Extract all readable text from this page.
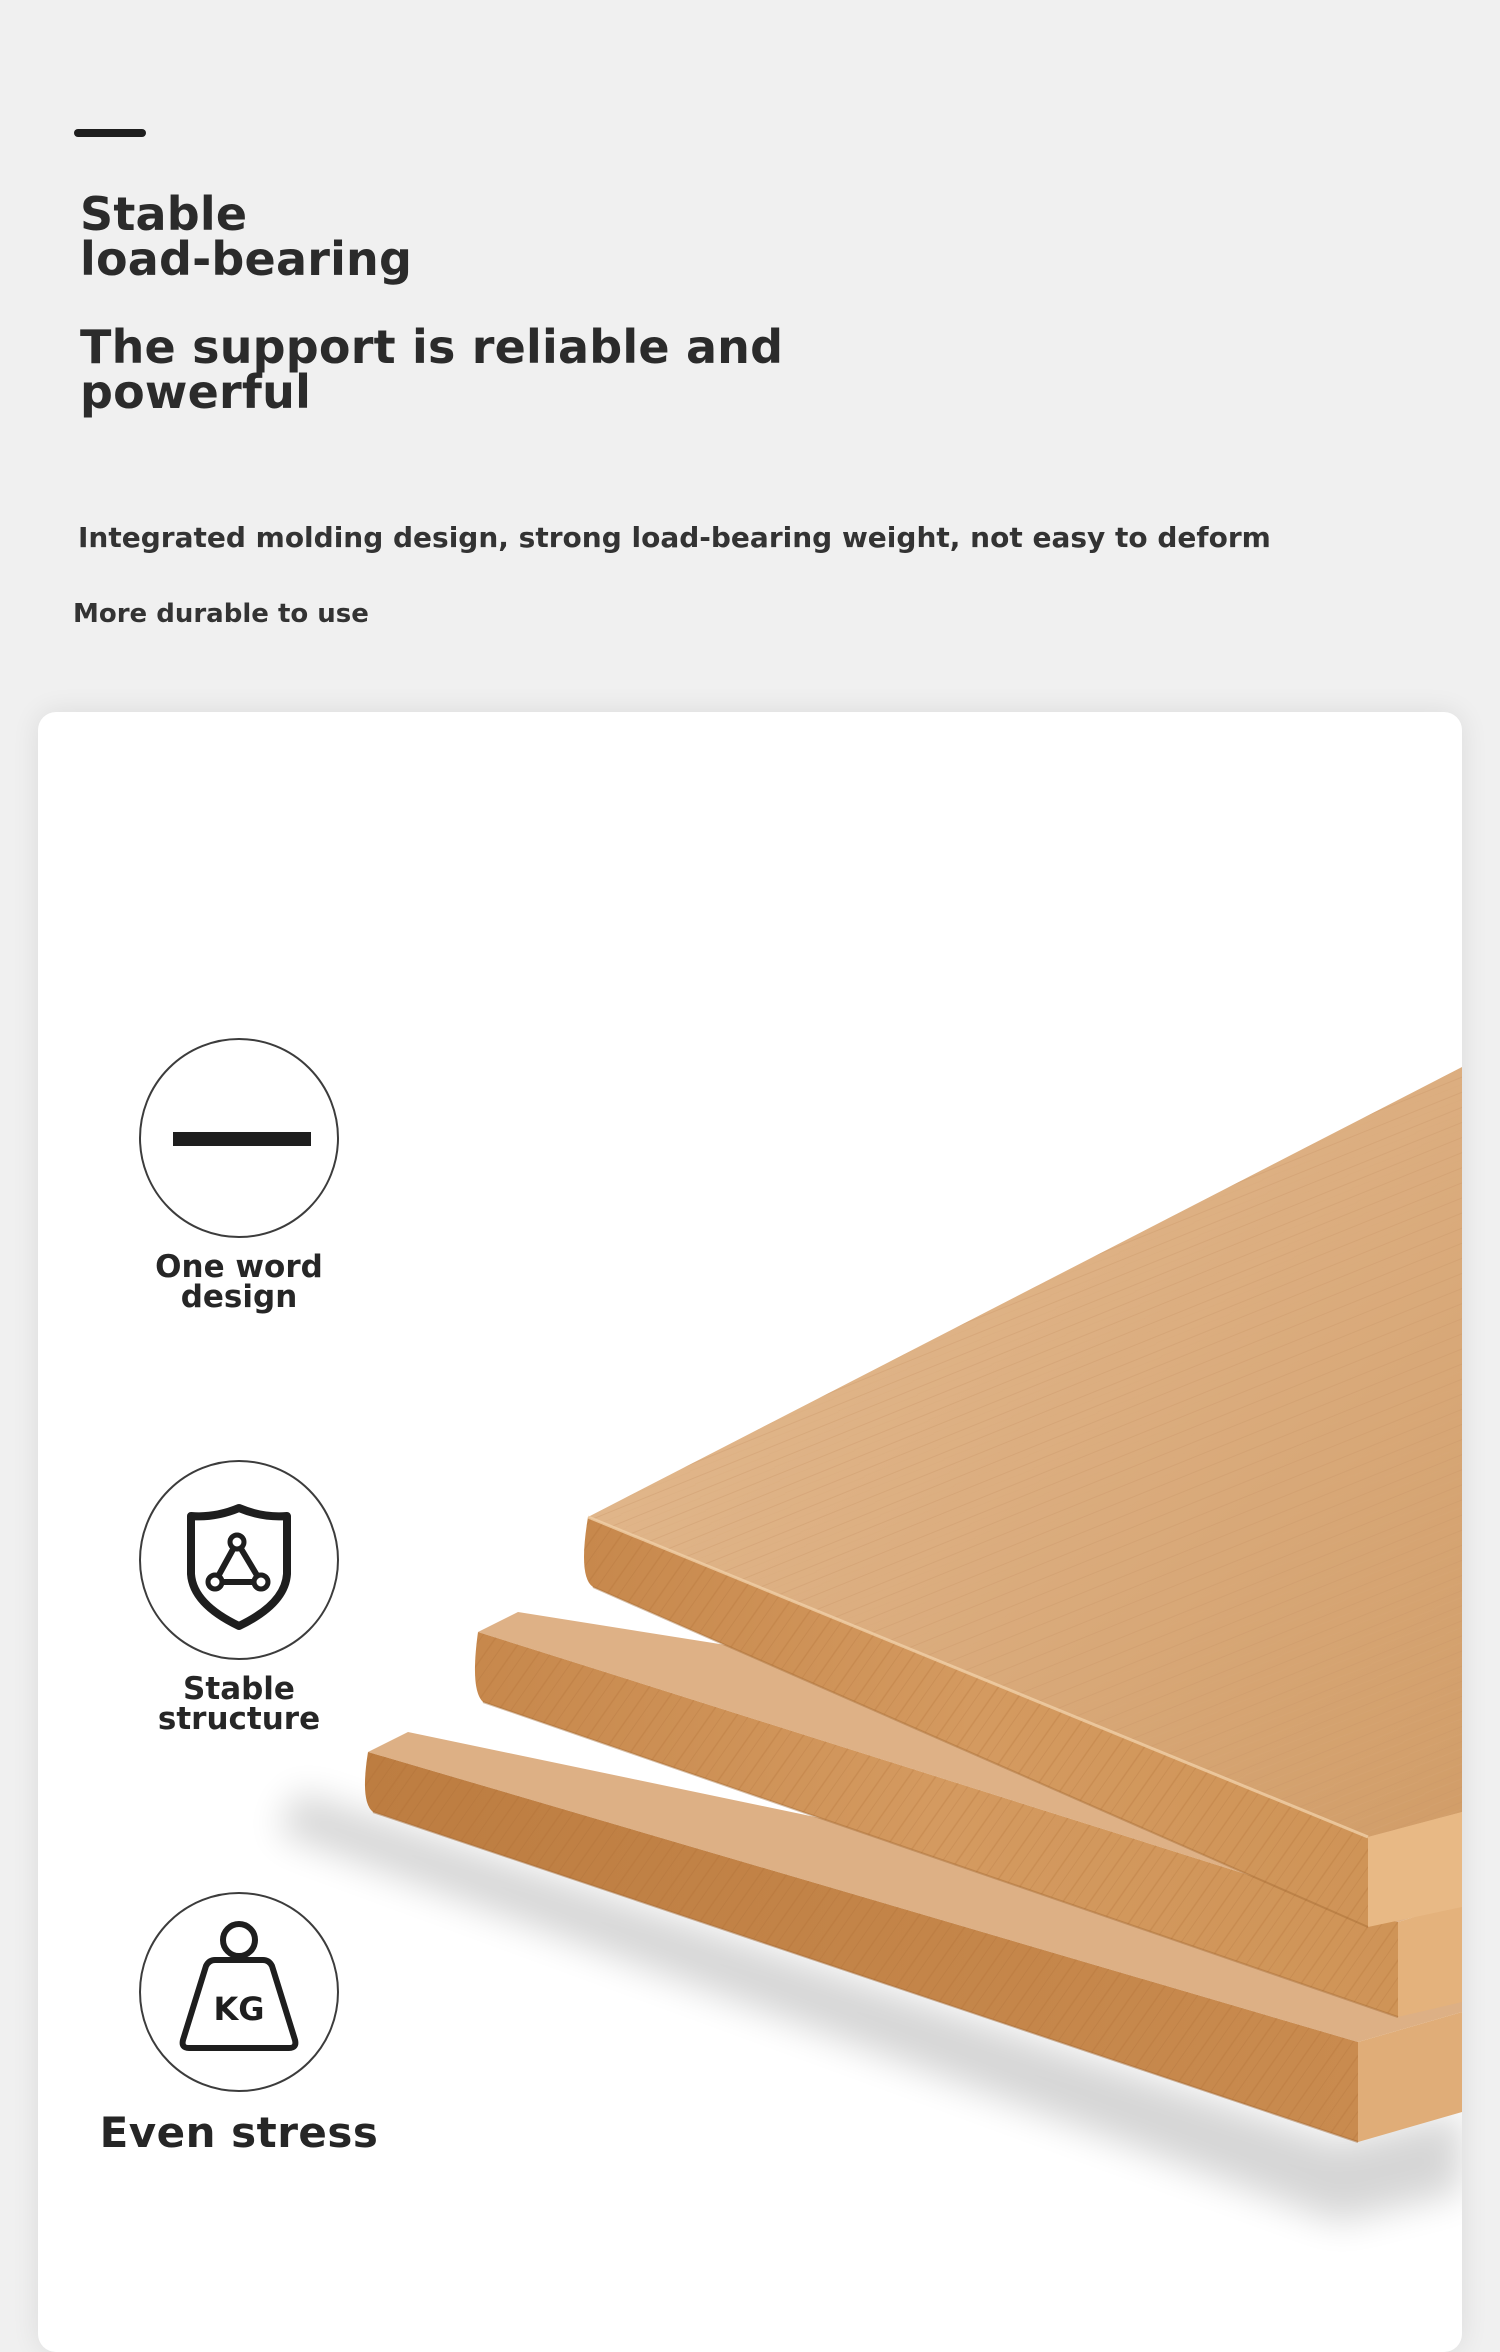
Stable
load-bearing
The support is reliable and
powerful

Integrated molding design, strong load-bearing weight, not easy to deform

More durable to use

One word
design
Stable
structure
KG
Even stress
